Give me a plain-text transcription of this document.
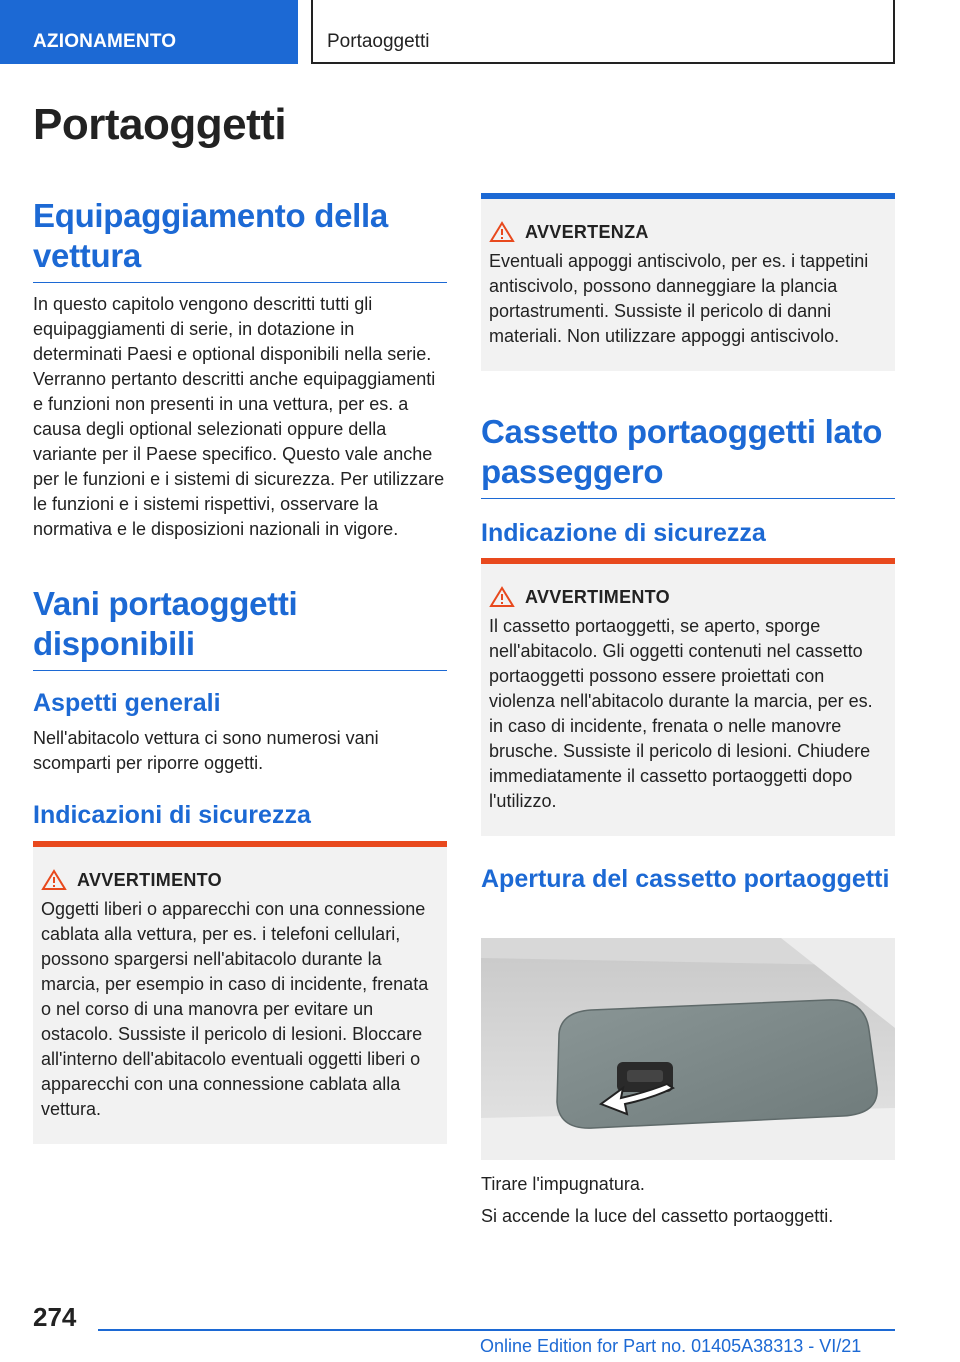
AZIONAMENTO	Portaoggetti
Portaoggetti
Equipaggiamento della vettura
In questo capitolo vengono descritti tutti gli equipaggiamenti di serie, in dotazione in determinati Paesi e optional disponibili nella serie. Verranno pertanto descritti anche equipaggiamenti e funzioni non presenti in una vettura, per es. a causa degli optional selezionati oppure della variante per il Paese specifico. Questo vale anche per le funzioni e i sistemi di sicurezza. Per utilizzare le funzioni e i sistemi rispettivi, osservare la normativa e le disposizioni nazionali in vigore.
Vani portaoggetti disponibili
Aspetti generali
Nell'abitacolo vettura ci sono numerosi vani scomparti per riporre oggetti.
Indicazioni di sicurezza
AVVERTIMENTO
Oggetti liberi o apparecchi con una connessione cablata alla vettura, per es. i telefoni cellulari, possono spargersi nell'abitacolo durante la marcia, per esempio in caso di incidente, frenata o nel corso di una manovra per evitare un ostacolo. Sussiste il pericolo di lesioni. Bloccare all'interno dell'abitacolo eventuali oggetti liberi o apparecchi con una connessione cablata alla vettura.
AVVERTENZA
Eventuali appoggi antiscivolo, per es. i tappetini antiscivolo, possono danneggiare la plancia portastrumenti. Sussiste il pericolo di danni materiali. Non utilizzare appoggi antiscivolo.
Cassetto portaoggetti lato passeggero
Indicazione di sicurezza
AVVERTIMENTO
Il cassetto portaoggetti, se aperto, sporge nell'abitacolo. Gli oggetti contenuti nel cassetto portaoggetti possono essere proiettati con violenza nell'abitacolo durante la marcia, per es. in caso di incidente, frenata o nelle manovre brusche. Sussiste il pericolo di lesioni. Chiudere immediatamente il cassetto portaoggetti dopo l'utilizzo.
Apertura del cassetto portaoggetti
Tirare l'impugnatura.
Si accende la luce del cassetto portaoggetti.
274
Online Edition for Part no. 01405A38313 - VI/21
